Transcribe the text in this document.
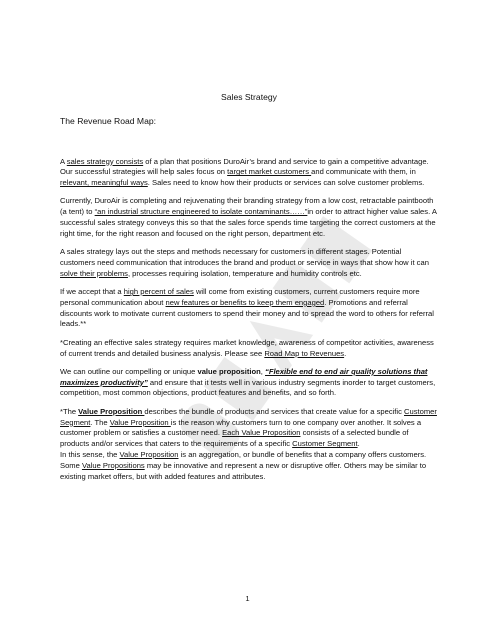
Sales Strategy
The Revenue Road Map:

A sales strategy consists of a plan that positions DuroAir’s brand and service to gain a competitive advantage. Our successful strategies will help sales focus on target market customers and communicate with them, in relevant, meaningful ways. Sales need to know how their products or services can solve customer problems.

Currently, DuroAir is completing and rejuvenating their branding strategy from a low cost, retractable paintbooth (a tent) to “an industrial structure engineered to isolate contaminants……”in order to attract higher value sales. A successful sales strategy conveys this so that the sales force spends time targeting the correct customers at the right time, for the right reason and focused on the right person, department etc.

A sales strategy lays out the steps and methods necessary for customers in different stages. Potential customers need communication that introduces the brand and product or service in ways that show how it can solve their problems, processes requiring isolation, temperature and humidity controls etc.

If we accept that a high percent of sales will come from existing customers, current customers require more personal communication about new features or benefits to keep them engaged. Promotions and referral discounts work to motivate current customers to spend their money and to spread the word to others for referral leads.**

*Creating an effective sales strategy requires market knowledge, awareness of competitor activities, awareness of current trends and detailed business analysis. Please see Road Map to Revenues.

We can outline our compelling or unique value proposition, “Flexible end to end air quality solutions that maximizes productivity” and ensure that it tests well in various industry segments inorder to target customers, competition, most common objections, product features and benefits, and so forth.

*The Value Proposition describes the bundle of products and services that create value for a specific Customer Segment. The Value Proposition is the reason why customers turn to one company over another. It solves a customer problem or satisfies a customer need. Each Value Proposition consists of a selected bundle of products and/or services that caters to the requirements of a specific Customer Segment.
In this sense, the Value Proposition is an aggregation, or bundle of benefits that a company offers customers. Some Value Propositions may be innovative and represent a new or disruptive offer. Others may be similar to existing market offers, but with added features and attributes.

1
